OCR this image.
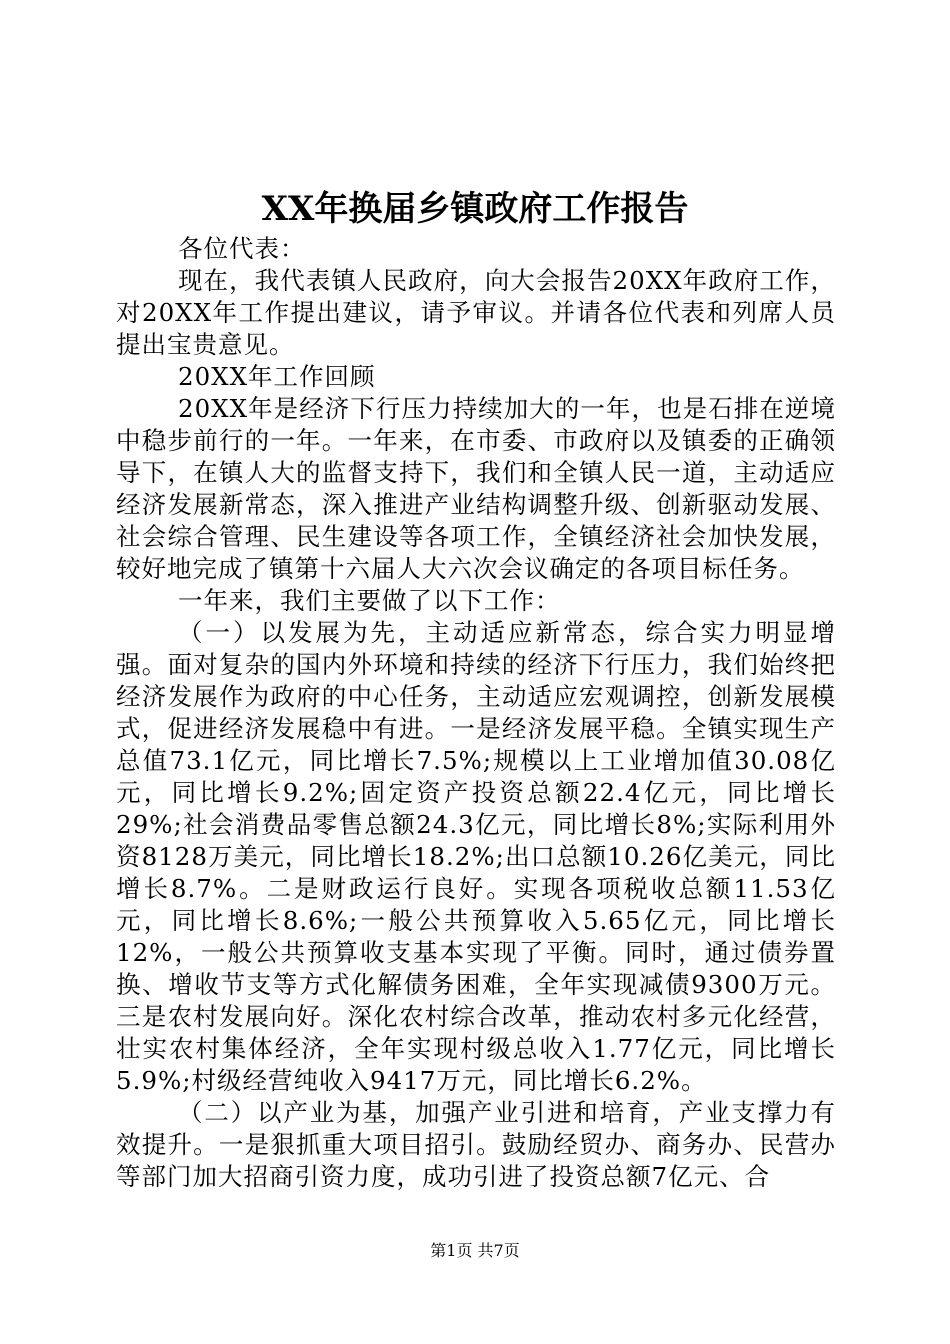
XX年换届乡镇政府工作报告

各位代表：

现在，我代表镇人民政府，向大会报告20XX年政府工作，对20XX年工作提出建议，请予审议。并请各位代表和列席人员提出宝贵意见。

20XX年工作回顾

20XX年是经济下行压力持续加大的一年，也是石排在逆境中稳步前行的一年。一年来，在市委、市政府以及镇委的正确领导下，在镇人大的监督支持下，我们和全镇人民一道，主动适应经济发展新常态，深入推进产业结构调整升级、创新驱动发展、社会综合管理、民生建设等各项工作，全镇经济社会加快发展，较好地完成了镇第十六届人大六次会议确定的各项目标任务。

一年来，我们主要做了以下工作：

（一）以发展为先，主动适应新常态，综合实力明显增强。面对复杂的国内外环境和持续的经济下行压力，我们始终把经济发展作为政府的中心任务，主动适应宏观调控，创新发展模式，促进经济发展稳中有进。一是经济发展平稳。全镇实现生产总值73.1亿元，同比增长7.5%;规模以上工业增加值30.08亿元，同比增长9.2%;固定资产投资总额22.4亿元，同比增长29%;社会消费品零售总额24.3亿元，同比增长8%;实际利用外资8128万美元，同比增长18.2%;出口总额10.26亿美元，同比增长8.7%。二是财政运行良好。实现各项税收总额11.53亿元，同比增长8.6%;一般公共预算收入5.65亿元，同比增长12%，一般公共预算收支基本实现了平衡。同时，通过债券置换、增收节支等方式化解债务困难，全年实现减债9300万元。三是农村发展向好。深化农村综合改革，推动农村多元化经营，壮实农村集体经济，全年实现村级总收入1.77亿元，同比增长5.9%;村级经营纯收入9417万元，同比增长6.2%。

（二）以产业为基，加强产业引进和培育，产业支撑力有效提升。一是狠抓重大项目招引。鼓励经贸办、商务办、民营办等部门加大招商引资力度，成功引进了投资总额7亿元、合

第1页 共7页
